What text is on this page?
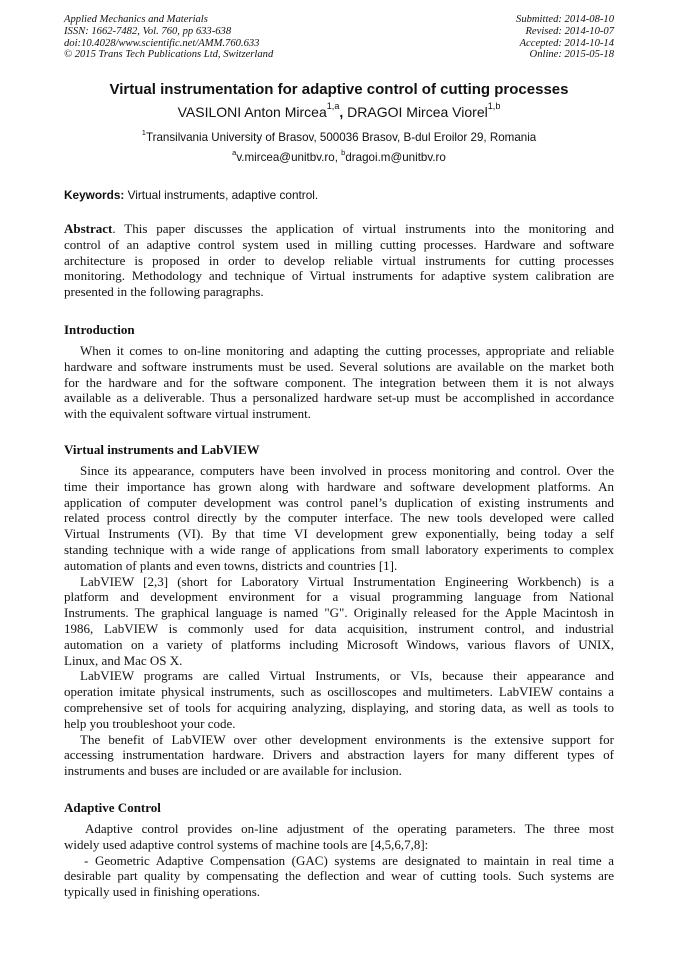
Applied Mechanics and Materials
ISSN: 1662-7482, Vol. 760, pp 633-638
doi:10.4028/www.scientific.net/AMM.760.633
© 2015 Trans Tech Publications Ltd, Switzerland
Submitted: 2014-08-10
Revised: 2014-10-07
Accepted: 2014-10-14
Online: 2015-05-18
Virtual instrumentation for adaptive control of cutting processes
VASILONI Anton Mircea$^{1,a}$, DRAGOI Mircea Viorel$^{1,b}$
$^1$Transilvania University of Brasov, 500036 Brasov, B-dul Eroilor 29, Romania
$^a$v.mircea@unitbv.ro, $^b$dragoi.m@unitbv.ro
Keywords: Virtual instruments, adaptive control.
Abstract. This paper discusses the application of virtual instruments into the monitoring and
control of an adaptive control system used in milling cutting processes. Hardware and software
architecture is proposed in order to develop reliable virtual instruments for cutting processes
monitoring. Methodology and technique of Virtual instruments for adaptive system calibration are
presented in the following paragraphs.
Introduction
When it comes to on-line monitoring and adapting the cutting processes, appropriate and reliable
hardware and software instruments must be used. Several solutions are available on the market both
for the hardware and for the software component. The integration between them it is not always
available as a deliverable. Thus a personalized hardware set-up must be accomplished in accordance
with the equivalent software virtual instrument.
Virtual instruments and LabVIEW
Since its appearance, computers have been involved in process monitoring and control. Over the
time their importance has grown along with hardware and software development platforms. An
application of computer development was control panel’s duplication of existing instruments and
related process control directly by the computer interface. The new tools developed were called
Virtual Instruments (VI). By that time VI development grew exponentially, being today a self
standing technique with a wide range of applications from small laboratory experiments to complex
automation of plants and even towns, districts and countries [1].
LabVIEW [2,3] (short for Laboratory Virtual Instrumentation Engineering Workbench) is a
platform and development environment for a visual programming language from National
Instruments. The graphical language is named "G". Originally released for the Apple Macintosh in
1986, LabVIEW is commonly used for data acquisition, instrument control, and industrial
automation on a variety of platforms including Microsoft Windows, various flavors of UNIX,
Linux, and Mac OS X.
LabVIEW programs are called Virtual Instruments, or VIs, because their appearance and
operation imitate physical instruments, such as oscilloscopes and multimeters. LabVIEW contains a
comprehensive set of tools for acquiring analyzing, displaying, and storing data, as well as tools to
help you troubleshoot your code.
The benefit of LabVIEW over other development environments is the extensive support for
accessing instrumentation hardware. Drivers and abstraction layers for many different types of
instruments and buses are included or are available for inclusion.
Adaptive Control
Adaptive control provides on-line adjustment of the operating parameters. The three most
widely used adaptive control systems of machine tools are [4,5,6,7,8]:
- Geometric Adaptive Compensation (GAC) systems are designated to maintain in real time a
desirable part quality by compensating the deflection and wear of cutting tools. Such systems are
typically used in finishing operations.
